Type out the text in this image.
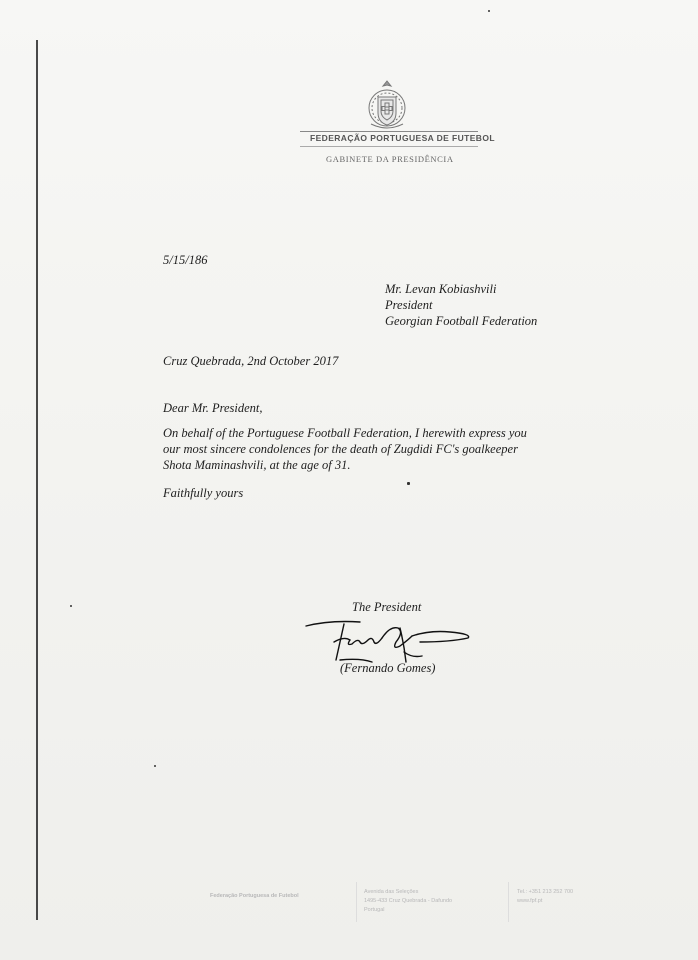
FEDERAÇÃO PORTUGUESA DE FUTEBOL
GABINETE DA PRESIDÊNCIA
5/15/186
Mr. Levan Kobiashvili
President
Georgian Football Federation
Cruz Quebrada, 2nd October 2017
Dear Mr. President,
On behalf of the Portuguese Football Federation, I herewith express you our most sincere condolences for the death of Zugdidi FC's goalkeeper Shota Maminashvili, at the age of 31.
Faithfully yours
The President
(Fernando Gomes)
Federação Portuguesa de Futebol
Avenida das Seleções
1495-433 Cruz Quebrada - Dafundo
Portugal
Tel.: +351 213 252 700
www.fpf.pt
